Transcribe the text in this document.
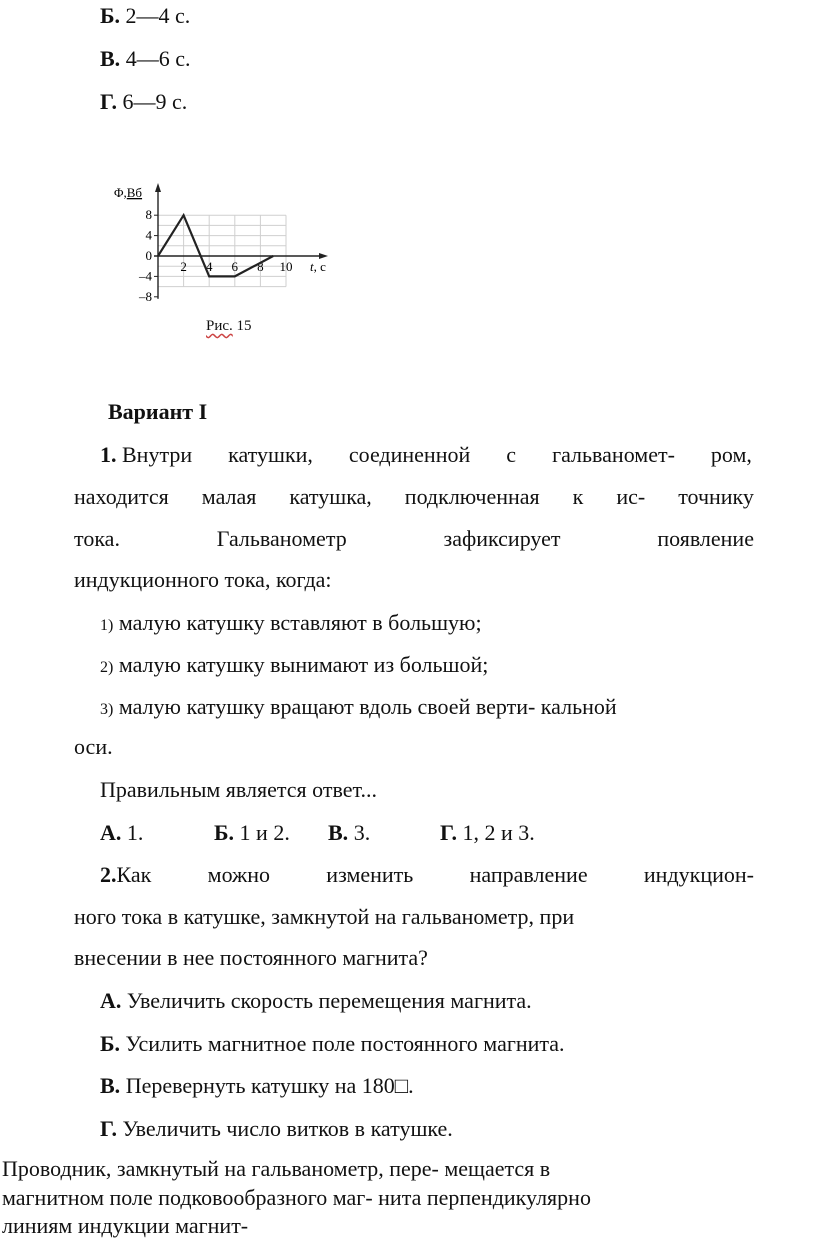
Б. 2—4 с.
В. 4—6 с.
Г. 6—9 с.
8
4
0
–4
–8
2 4 6 8 10
Φ,Вб
t, с
Рис. 15
Вариант I
1. Внутри катушки, соединенной с гальваномет- ром,
находится малая катушка, подключенная к ис- точнику
тока.	Гальванометр	зафиксирует	появление
индукционного тока, когда:
1) малую катушку вставляют в большую;
2) малую катушку вынимают из большой;
3) малую катушку вращают вдоль своей верти- кальной
оси.
Правильным является ответ...
А. 1.	Б. 1 и 2. В. 3.	Г. 1, 2 и 3.
2.Как	можно	изменить	направление	индукцион-
ного тока в катушке, замкнутой на гальванометр, при
внесении в нее постоянного магнита?
А. Увеличить скорость перемещения магнита.
Б. Усилить магнитное поле постоянного магнита.
В. Перевернуть катушку на 180□.
Г. Увеличить число витков в катушке.
Проводник, замкнутый на гальванометр, пере- мещается в
магнитном поле подковообразного маг- нита перпендикулярно
линиям индукции магнит-
